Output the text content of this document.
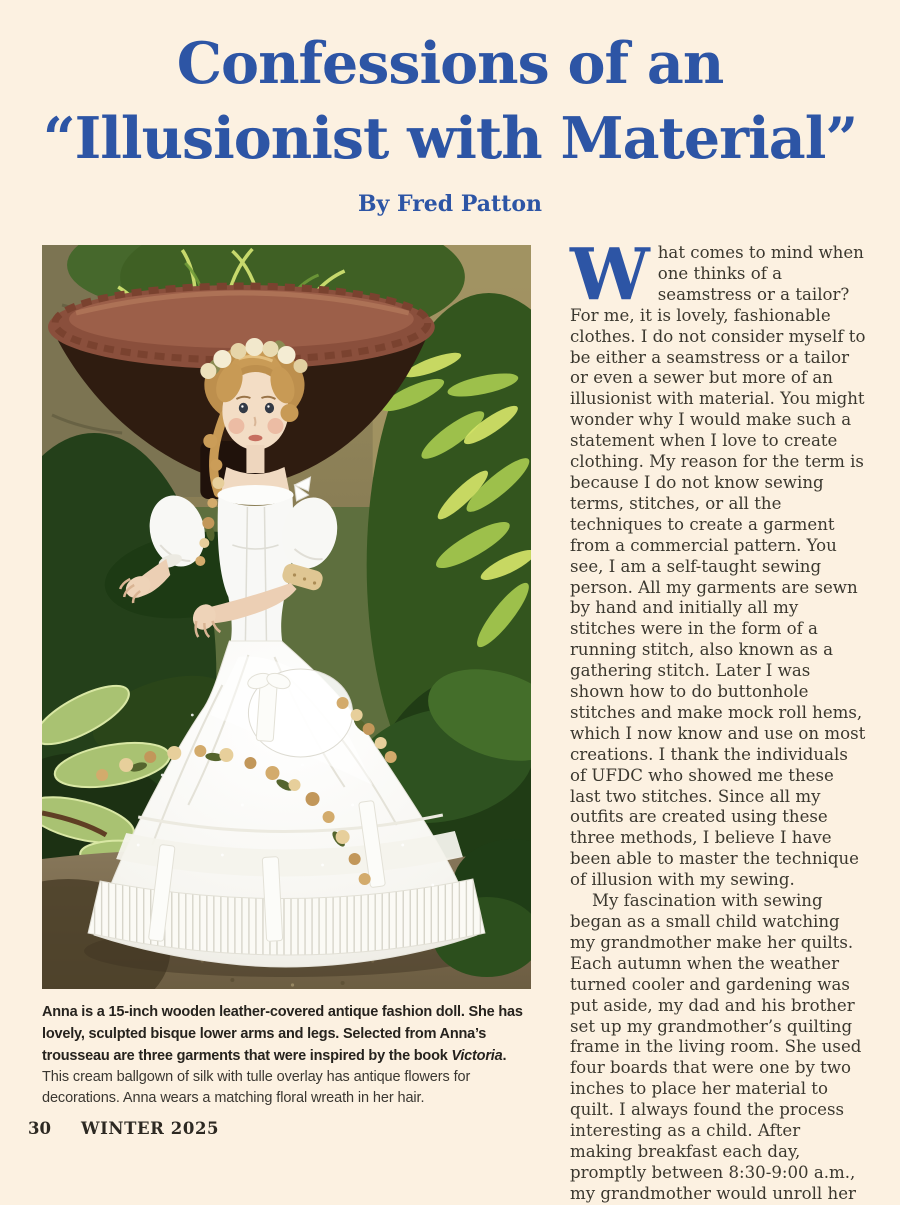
Confessions of an
“Illusionist with Material”
By Fred Patton

Anna is a 15-inch wooden leather-covered antique fashion doll. She has lovely, sculpted bisque lower arms and legs. Selected from Anna’s trousseau are three garments that were inspired by the book Victoria.

This cream ballgown of silk with tulle overlay has antique flowers for decorations. Anna wears a matching floral wreath in her hair.

What comes to mind when one thinks of a seamstress or a tailor? For me, it is lovely, fashionable clothes. I do not consider myself to be either a seamstress or a tailor or even a sewer but more of an illusionist with material. You might wonder why I would make such a statement when I love to create clothing. My reason for the term is because I do not know sewing terms, stitches, or all the techniques to create a garment from a commercial pattern. You see, I am a self-taught sewing person. All my garments are sewn by hand and initially all my stitches were in the form of a running stitch, also known as a gathering stitch. Later I was shown how to do buttonhole stitches and make mock roll hems, which I now know and use on most creations. I thank the individuals of UFDC who showed me these last two stitches. Since all my outfits are created using these three methods, I believe I have been able to master the technique of illusion with my sewing.

My fascination with sewing began as a small child watching my grandmother make her quilts. Each autumn when the weather turned cooler and gardening was put aside, my dad and his brother set up my grandmother’s quilting frame in the living room. She used four boards that were one by two inches to place her material to quilt. I always found the process interesting as a child. After making breakfast each day, promptly between 8:30-9:00 a.m., my grandmother would unroll her

30 WINTER 2025
